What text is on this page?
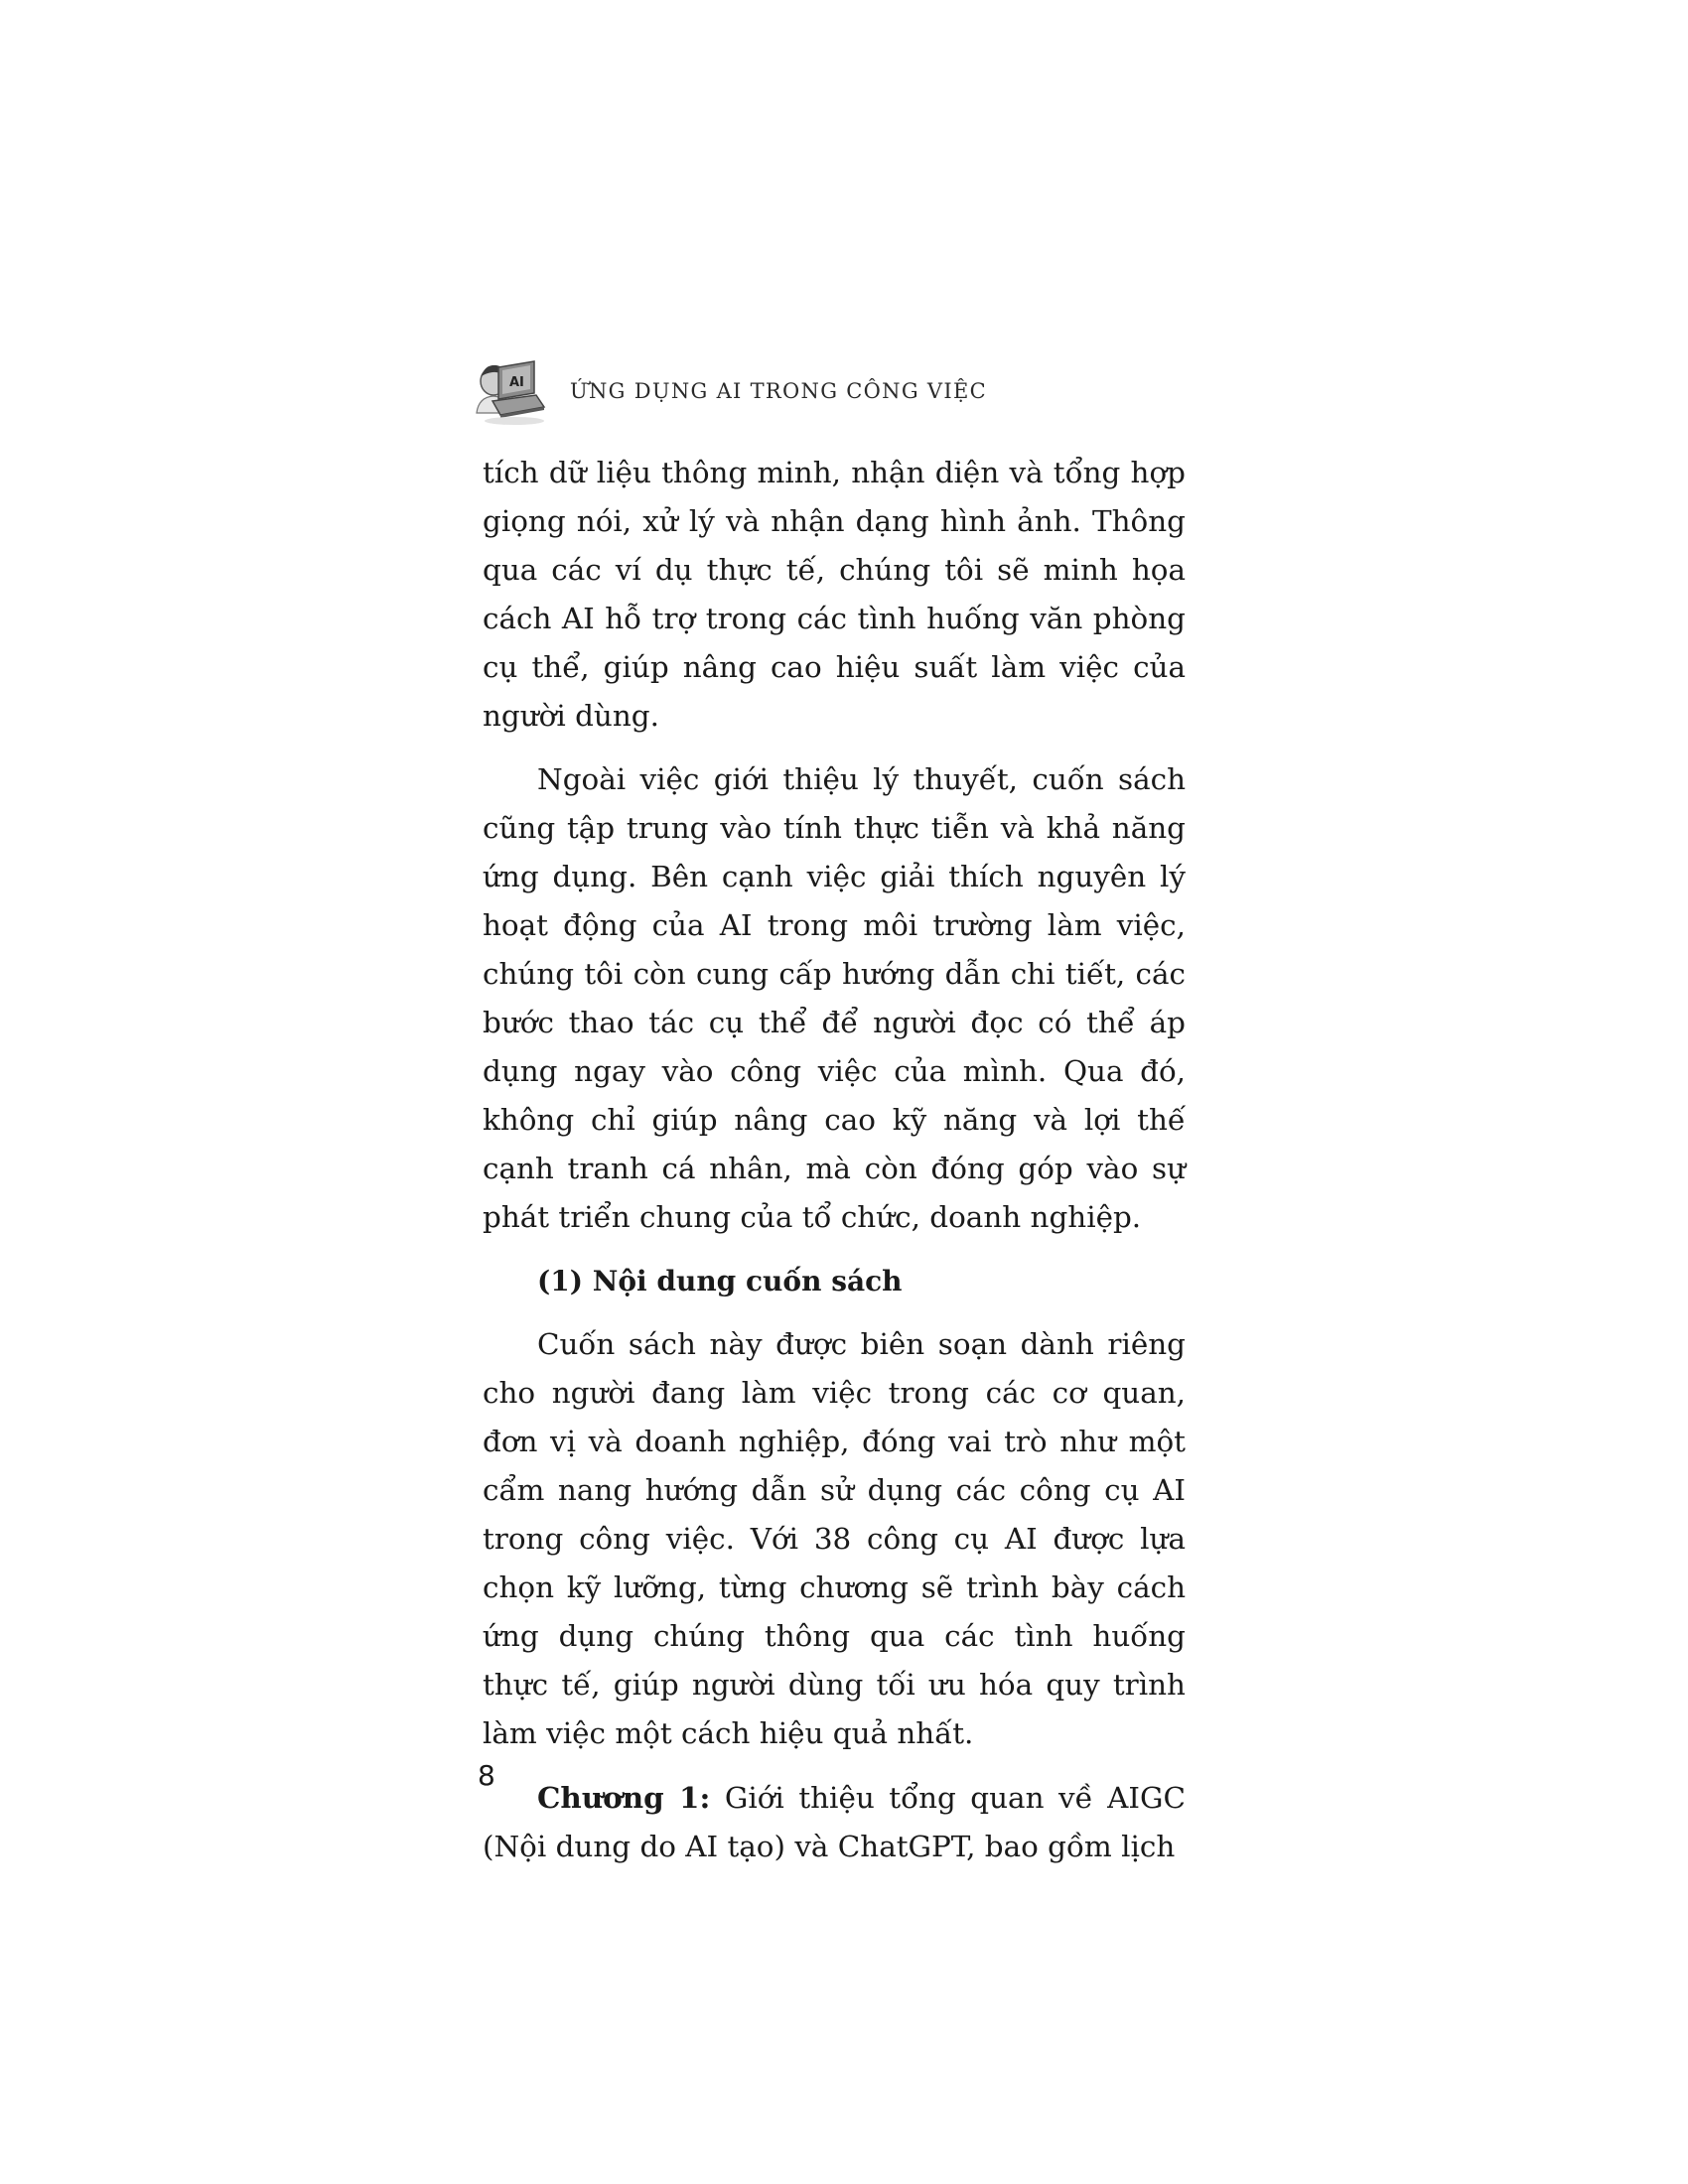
AI ỨNG DỤNG AI TRONG CÔNG VIỆC

tích dữ liệu thông minh, nhận diện và tổng hợp giọng nói, xử lý và nhận dạng hình ảnh. Thông qua các ví dụ thực tế, chúng tôi sẽ minh họa cách AI hỗ trợ trong các tình huống văn phòng cụ thể, giúp nâng cao hiệu suất làm việc của người dùng.

Ngoài việc giới thiệu lý thuyết, cuốn sách cũng tập trung vào tính thực tiễn và khả năng ứng dụng. Bên cạnh việc giải thích nguyên lý hoạt động của AI trong môi trường làm việc, chúng tôi còn cung cấp hướng dẫn chi tiết, các bước thao tác cụ thể để người đọc có thể áp dụng ngay vào công việc của mình. Qua đó, không chỉ giúp nâng cao kỹ năng và lợi thế cạnh tranh cá nhân, mà còn đóng góp vào sự phát triển chung của tổ chức, doanh nghiệp.

(1) Nội dung cuốn sách

Cuốn sách này được biên soạn dành riêng cho người đang làm việc trong các cơ quan, đơn vị và doanh nghiệp, đóng vai trò như một cẩm nang hướng dẫn sử dụng các công cụ AI trong công việc. Với 38 công cụ AI được lựa chọn kỹ lưỡng, từng chương sẽ trình bày cách ứng dụng chúng thông qua các tình huống thực tế, giúp người dùng tối ưu hóa quy trình làm việc một cách hiệu quả nhất.

Chương 1: Giới thiệu tổng quan về AIGC (Nội dung do AI tạo) và ChatGPT, bao gồm lịch

8
